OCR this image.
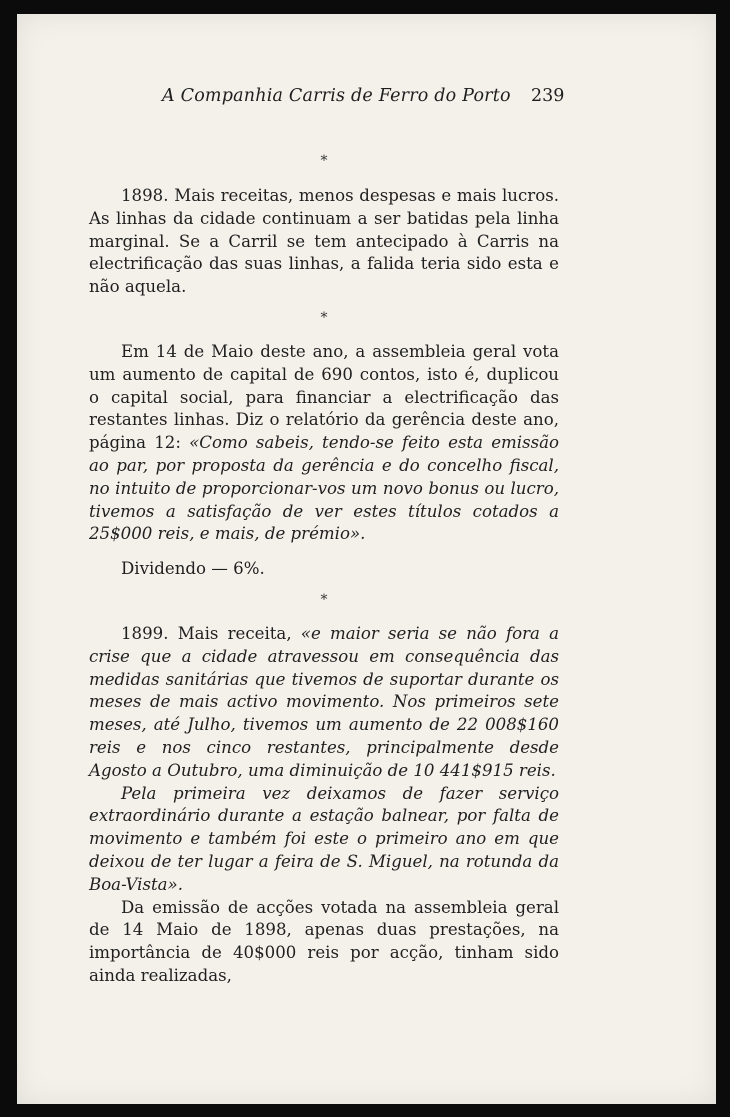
A Companhia Carris de Ferro do Porto 239
*

1898. Mais receitas, menos despesas e mais lucros. As linhas da cidade continuam a ser batidas pela linha marginal. Se a Carril se tem antecipado à Carris na electrificação das suas linhas, a falida teria sido esta e não aquela.

*

Em 14 de Maio deste ano, a assembleia geral vota um aumento de capital de 690 contos, isto é, duplicou o capital social, para financiar a electrificação das restantes linhas. Diz o relatório da gerência deste ano, página 12: «Como sabeis, tendo-se feito esta emissão ao par, por proposta da gerência e do concelho fiscal, no intuito de proporcionar-vos um novo bonus ou lucro, tivemos a satisfação de ver estes títulos cotados a 25$000 reis, e mais, de prémio».

Dividendo — 6%.

*

1899. Mais receita, «e maior seria se não fora a crise que a cidade atravessou em consequência das medidas sanitárias que tivemos de suportar durante os meses de mais activo movimento. Nos primeiros sete meses, até Julho, tivemos um aumento de 22 008$160 reis e nos cinco restantes, principalmente desde Agosto a Outubro, uma diminuição de 10 441$915 reis.

Pela primeira vez deixamos de fazer serviço extraordinário durante a estação balnear, por falta de movimento e também foi este o primeiro ano em que deixou de ter lugar a feira de S. Miguel, na rotunda da Boa-Vista».

Da emissão de acções votada na assembleia geral de 14 Maio de 1898, apenas duas prestações, na importância de 40$000 reis por acção, tinham sido ainda realizadas,
